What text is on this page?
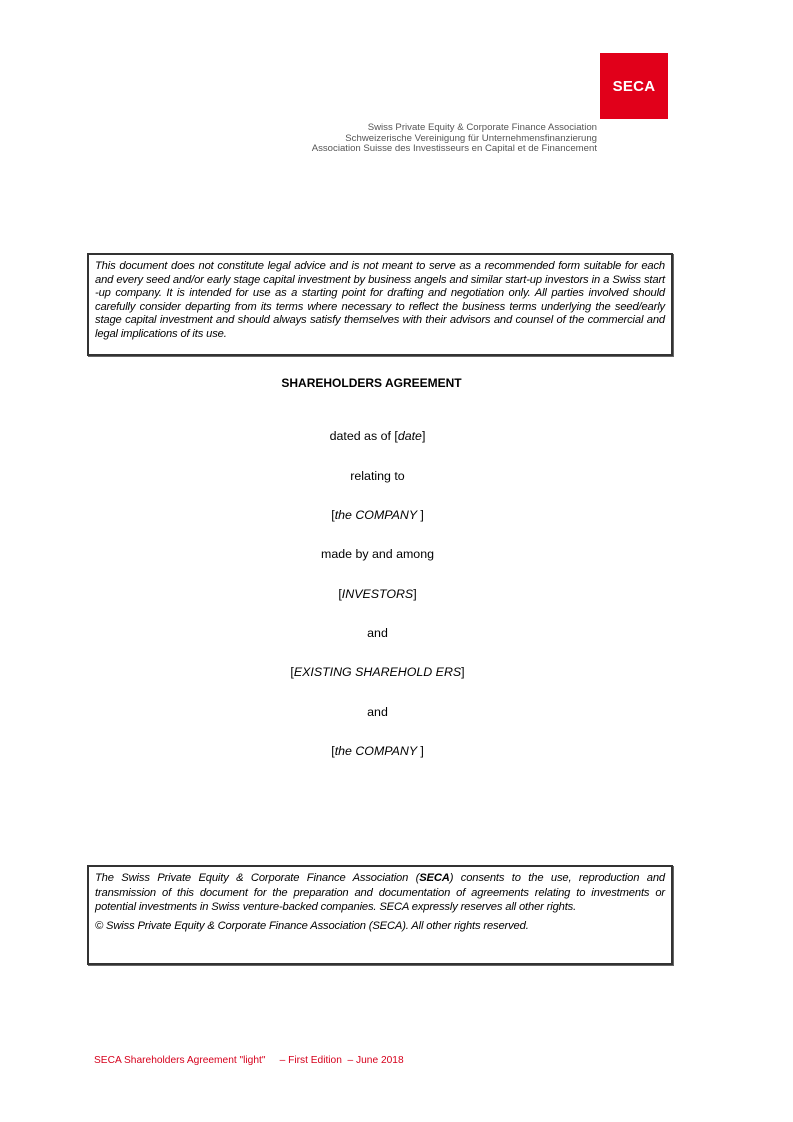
SECA
Swiss Private Equity & Corporate Finance Association
Schweizerische Vereinigung für Unternehmensfinanzierung
Association Suisse des Investisseurs en Capital et de Financement

This document does not constitute legal advice and is not meant to serve as a recommended form suitable for each and every seed and/or early stage capital investment by business angels and similar start-up investors in a Swiss start -up company. It is intended for use as a starting point for drafting and negotiation only. All parties involved should carefully consider departing from its terms where necessary to reflect the business terms underlying the seed/early stage capital investment and should always satisfy themselves with their advisors and counsel of the commercial and legal implications of its use.

SHAREHOLDERS AGREEMENT
dated as of [date]
relating to
[the COMPANY ]
made by and among
[INVESTORS]
and
[EXISTING SHAREHOLD ERS]
and
[the COMPANY ]

The Swiss Private Equity & Corporate Finance Association (SECA) consents to the use, reproduction and transmission of this document for the preparation and documentation of agreements relating to investments or potential investments in Swiss venture-backed companies. SECA expressly reserves all other rights.

© Swiss Private Equity & Corporate Finance Association (SECA). All other rights reserved.

SECA Shareholders Agreement "light"     – First Edition  – June 2018
